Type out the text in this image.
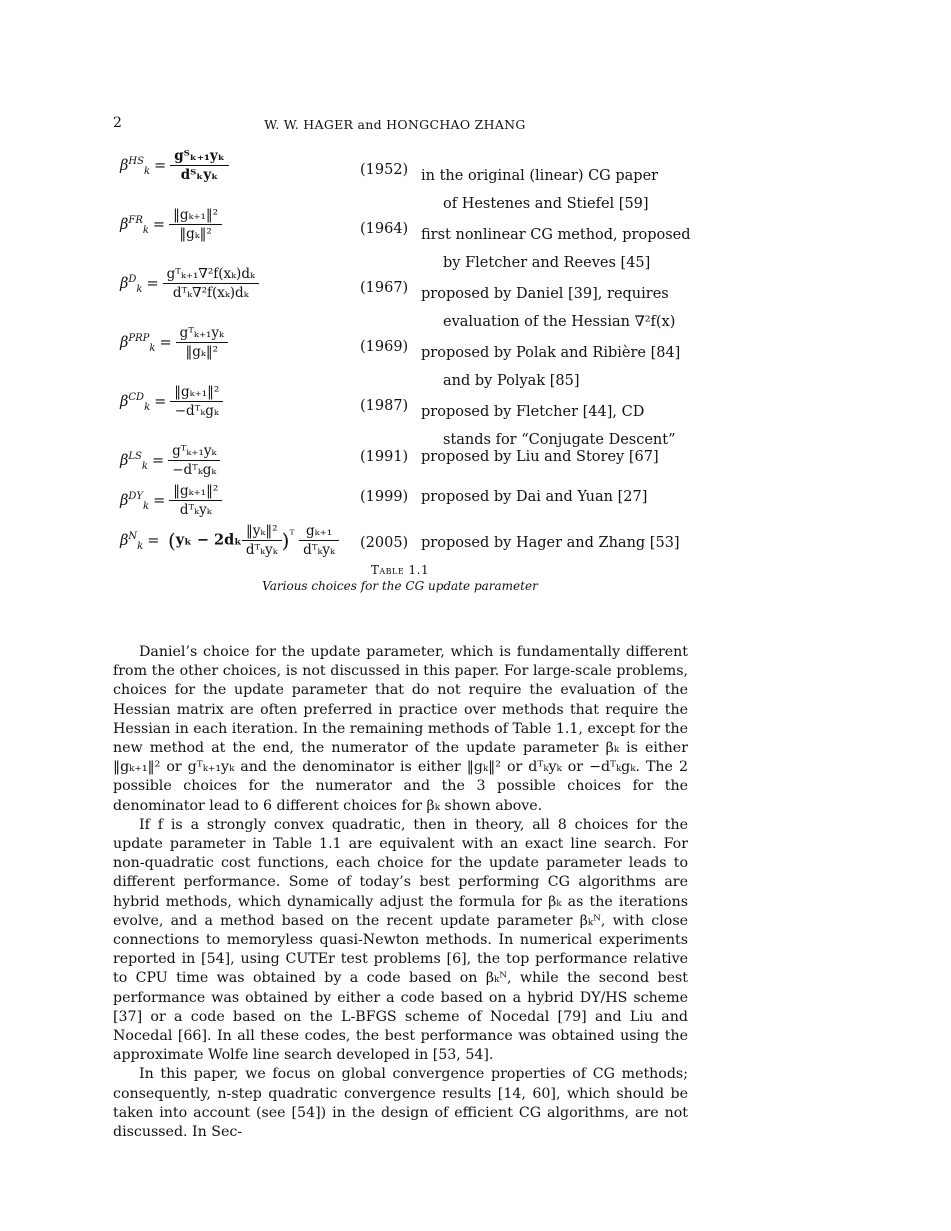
2	W. W. HAGER and HONGCHAO ZHANG
$\beta^{HS}_k = \frac{\text{gᵀₖ₊₁yₖ}}{\text{dᵀₖyₖ}}$	(1952) in the original (linear) CG paper
of Hestenes and Stiefel [59]
$\beta^{FR}_k = \frac{\text{‖gₖ₊₁‖²}}{\text{‖gₖ‖²}}$	(1964) first nonlinear CG method, proposed
by Fletcher and Reeves [45]
$\beta^D_k = \frac{\text{gᵀₖ₊₁∇²f(xₖ)dₖ}}{\text{dᵀₖ∇²f(xₖ)dₖ}}$	(1967) proposed by Daniel [39], requires
evaluation of the Hessian ∇²f(x)
$\beta^{PRP}_k = \frac{\text{gᵀₖ₊₁yₖ}}{\text{‖gₖ‖²}}$	(1969) proposed by Polak and Ribière [84]
and by Polyak [85]
$\beta^{CD}_k = \frac{\text{‖gₖ₊₁‖²}}{\text{−dᵀₖgₖ}}$	(1987) proposed by Fletcher [44], CD
stands for “Conjugate Descent”
$\beta^{LS}_k = \frac{\text{gᵀₖ₊₁yₖ}}{\text{−dᵀₖgₖ}}$	(1991) proposed by Liu and Storey [67]
$\beta^{DY}_k = \frac{\text{‖gₖ₊₁‖²}}{\text{dᵀₖyₖ}}$	(1999) proposed by Dai and Yuan [27]
$\beta^N_k = (y_k - 2d_k \frac{\text{‖yₖ‖²}}{\text{dᵀₖyₖ}} )^ᵀ \frac{\text{gₖ₊₁}}{\text{dᵀₖyₖ}} (2005)$ proposed by Hager and Zhang [53]
Table 1.1
Various choices for the CG update parameter

Daniel’s choice for the update parameter, which is fundamentally different from the other choices, is not discussed in this paper. For large-scale problems, choices for the update parameter that do not require the evaluation of the Hessian matrix are often preferred in practice over methods that require the Hessian in each iteration. In the remaining methods of Table 1.1, except for the new method at the end, the numerator of the update parameter βₖ is either ‖gₖ₊₁‖² or gᵀₖ₊₁yₖ and the denominator is either ‖gₖ‖² or dᵀₖyₖ or −dᵀₖgₖ. The 2 possible choices for the numerator and the 3 possible choices for the denominator lead to 6 different choices for βₖ shown above.

If f is a strongly convex quadratic, then in theory, all 8 choices for the update parameter in Table 1.1 are equivalent with an exact line search. For non-quadratic cost functions, each choice for the update parameter leads to different performance. Some of today’s best performing CG algorithms are hybrid methods, which dynamically adjust the formula for βₖ as the iterations evolve, and a method based on the recent update parameter βₖᴺ, with close connections to memoryless quasi-Newton methods. In numerical experiments reported in [54], using CUTEr test problems [6], the top performance relative to CPU time was obtained by a code based on βₖᴺ, while the second best performance was obtained by either a code based on a hybrid DY/HS scheme [37] or a code based on the L-BFGS scheme of Nocedal [79] and Liu and Nocedal [66]. In all these codes, the best performance was obtained using the approximate Wolfe line search developed in [53, 54].

In this paper, we focus on global convergence properties of CG methods; consequently, n-step quadratic convergence results [14, 60], which should be taken into account (see [54]) in the design of efficient CG algorithms, are not discussed. In Sec-
